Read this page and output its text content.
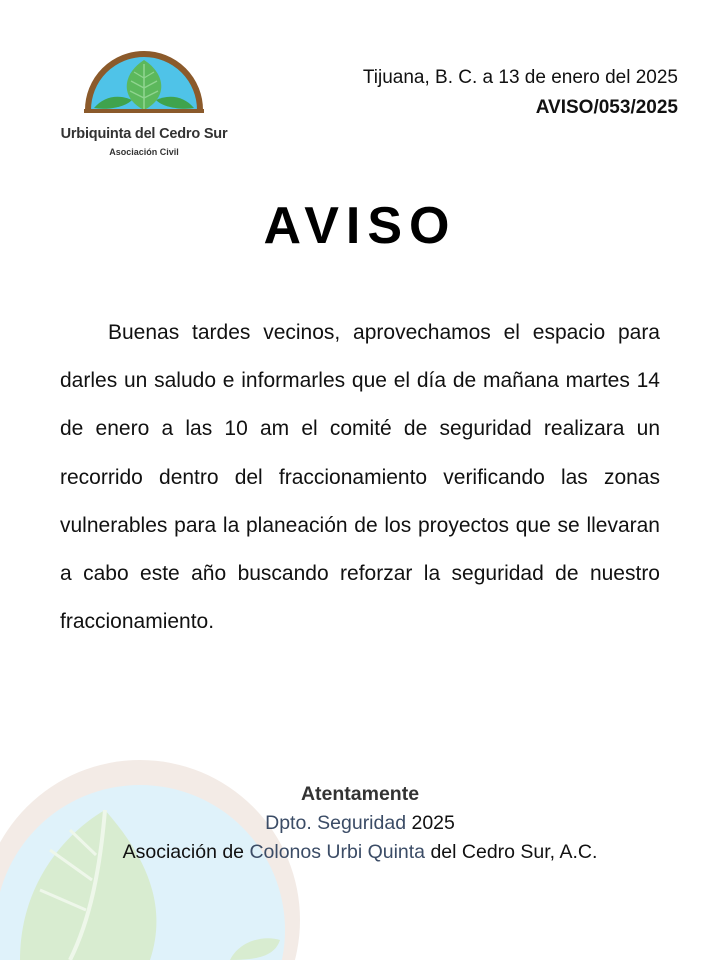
Urbiquinta del Cedro Sur
Asociación Civil
Tijuana, B. C. a 13 de enero del 2025
AVISO/053/2025
AVISO

Buenas tardes vecinos, aprovechamos el espacio para darles un saludo e informarles que el día de mañana martes 14 de enero a las 10 am el comité de seguridad realizara un recorrido dentro del fraccionamiento verificando las zonas vulnerables para la planeación de los proyectos que se llevaran a cabo este año buscando reforzar la seguridad de nuestro fraccionamiento.

Atentamente
Dpto. Seguridad 2025
Asociación de Colonos Urbi Quinta del Cedro Sur, A.C.
